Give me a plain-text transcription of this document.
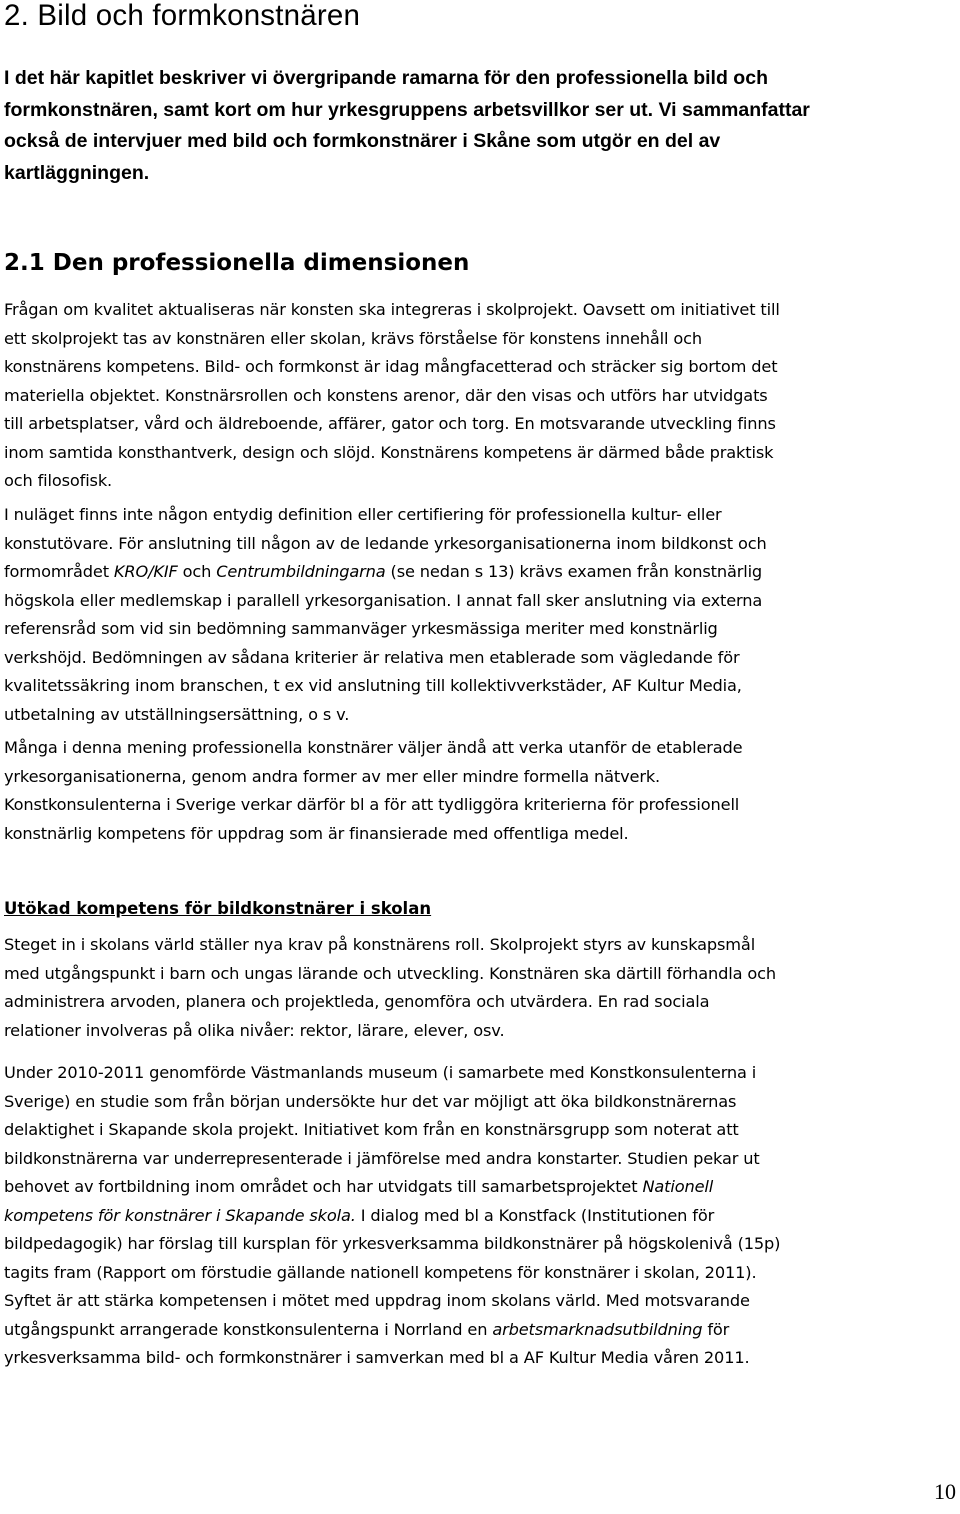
2. Bild och formkonstnären

I det här kapitlet beskriver vi övergripande ramarna för den professionella bild och
formkonstnären, samt kort om hur yrkesgruppens arbetsvillkor ser ut. Vi sammanfattar
också de intervjuer med bild och formkonstnärer i Skåne som utgör en del av
kartläggningen.

2.1 Den professionella dimensionen

Frågan om kvalitet aktualiseras när konsten ska integreras i skolprojekt. Oavsett om initiativet till
ett skolprojekt tas av konstnären eller skolan, krävs förståelse för konstens innehåll och
konstnärens kompetens. Bild- och formkonst är idag mångfacetterad och sträcker sig bortom det
materiella objektet. Konstnärsrollen och konstens arenor, där den visas och utförs har utvidgats
till arbetsplatser, vård och äldreboende, affärer, gator och torg. En motsvarande utveckling finns
inom samtida konsthantverk, design och slöjd. Konstnärens kompetens är därmed både praktisk
och filosofisk.

I nuläget finns inte någon entydig definition eller certifiering för professionella kultur- eller
konstutövare. För anslutning till någon av de ledande yrkesorganisationerna inom bildkonst och
formområdet KRO/KIF och Centrumbildningarna (se nedan s 13) krävs examen från konstnärlig
högskola eller medlemskap i parallell yrkesorganisation. I annat fall sker anslutning via externa
referensråd som vid sin bedömning sammanväger yrkesmässiga meriter med konstnärlig
verkshöjd. Bedömningen av sådana kriterier är relativa men etablerade som vägledande för
kvalitetssäkring inom branschen, t ex vid anslutning till kollektivverkstäder, AF Kultur Media,
utbetalning av utställningsersättning, o s v.

Många i denna mening professionella konstnärer väljer ändå att verka utanför de etablerade
yrkesorganisationerna, genom andra former av mer eller mindre formella nätverk.
Konstkonsulenterna i Sverige verkar därför bl a för att tydliggöra kriterierna för professionell
konstnärlig kompetens för uppdrag som är finansierade med offentliga medel.

Utökad kompetens för bildkonstnärer i skolan

Steget in i skolans värld ställer nya krav på konstnärens roll. Skolprojekt styrs av kunskapsmål
med utgångspunkt i barn och ungas lärande och utveckling. Konstnären ska därtill förhandla och
administrera arvoden, planera och projektleda, genomföra och utvärdera. En rad sociala
relationer involveras på olika nivåer: rektor, lärare, elever, osv.

Under 2010-2011 genomförde Västmanlands museum (i samarbete med Konstkonsulenterna i
Sverige) en studie som från början undersökte hur det var möjligt att öka bildkonstnärernas
delaktighet i Skapande skola projekt. Initiativet kom från en konstnärsgrupp som noterat att
bildkonstnärerna var underrepresenterade i jämförelse med andra konstarter. Studien pekar ut
behovet av fortbildning inom området och har utvidgats till samarbetsprojektet Nationell
kompetens för konstnärer i Skapande skola. I dialog med bl a Konstfack (Institutionen för
bildpedagogik) har förslag till kursplan för yrkesverksamma bildkonstnärer på högskolenivå (15p)
tagits fram (Rapport om förstudie gällande nationell kompetens för konstnärer i skolan, 2011).
Syftet är att stärka kompetensen i mötet med uppdrag inom skolans värld. Med motsvarande
utgångspunkt arrangerade konstkonsulenterna i Norrland en arbetsmarknadsutbildning för
yrkesverksamma bild- och formkonstnärer i samverkan med bl a AF Kultur Media våren 2011.

10
